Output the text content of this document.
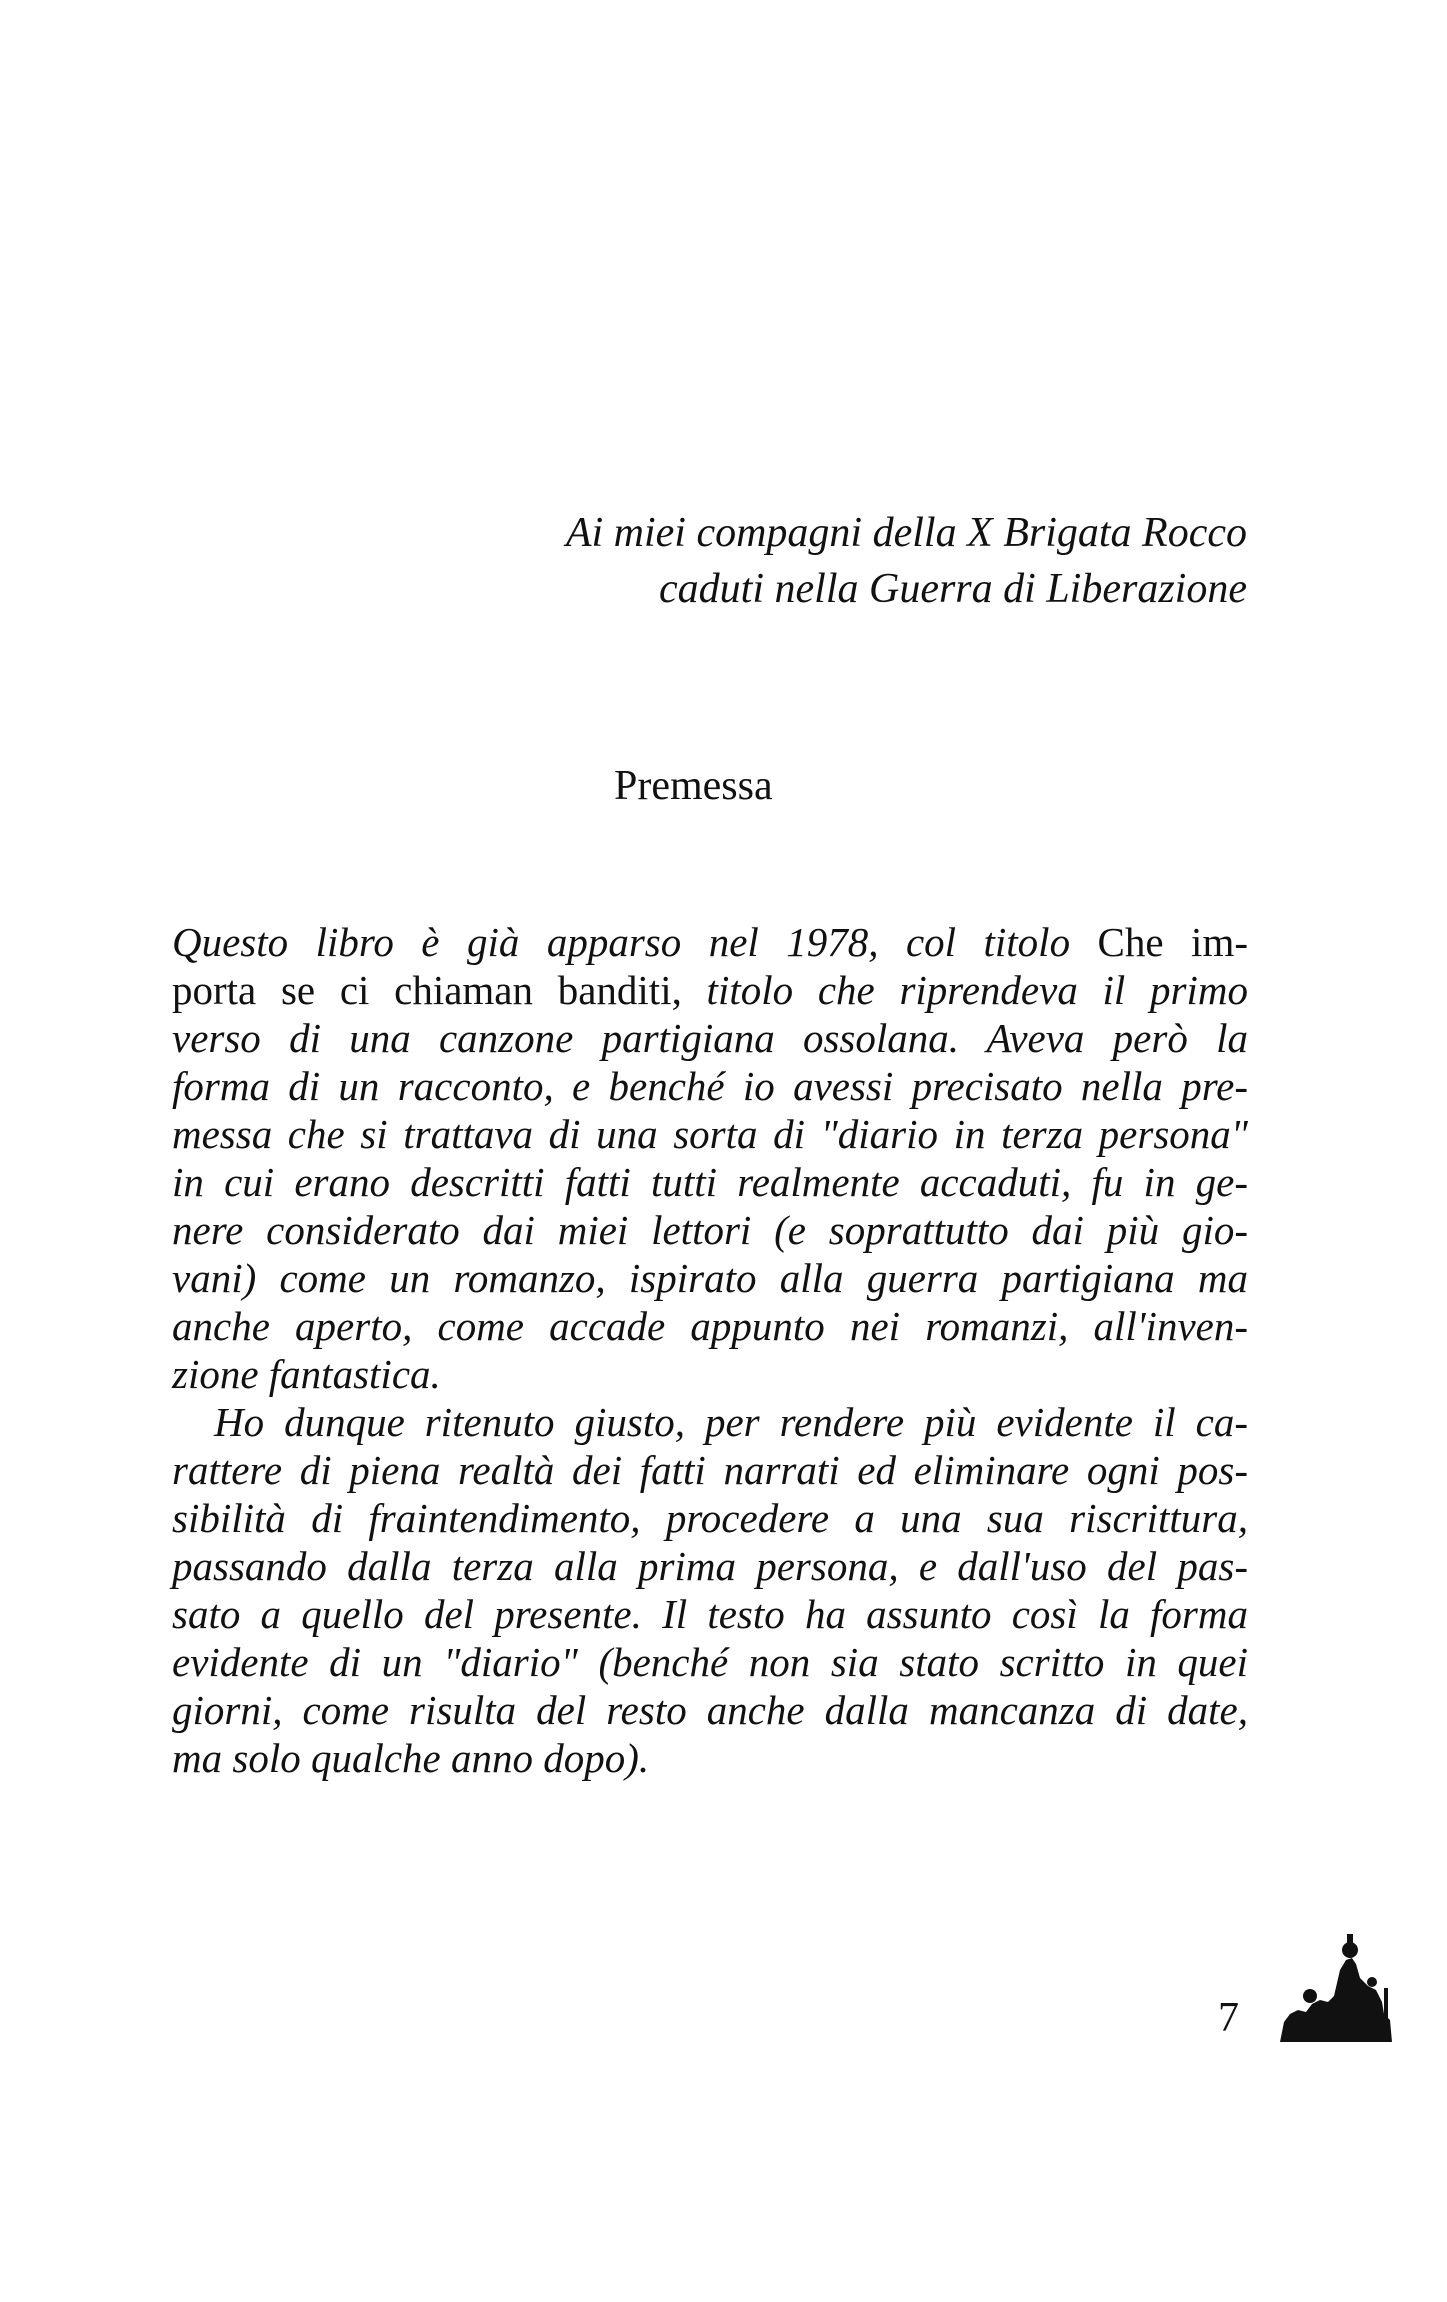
Ai miei compagni della X Brigata Rocco
caduti nella Guerra di Liberazione
Premessa
Questo libro è già apparso nel 1978, col titolo Che im-
porta se ci chiaman banditi, titolo che riprendeva il primo
verso di una canzone partigiana ossolana. Aveva però la
forma di un racconto, e benché io avessi precisato nella pre-
messa che si trattava di una sorta di "diario in terza persona"
in cui erano descritti fatti tutti realmente accaduti, fu in ge-
nere considerato dai miei lettori (e soprattutto dai più gio-
vani) come un romanzo, ispirato alla guerra partigiana ma
anche aperto, come accade appunto nei romanzi, all'inven-
zione fantastica.
Ho dunque ritenuto giusto, per rendere più evidente il ca-
rattere di piena realtà dei fatti narrati ed eliminare ogni pos-
sibilità di fraintendimento, procedere a una sua riscrittura,
passando dalla terza alla prima persona, e dall'uso del pas-
sato a quello del presente. Il testo ha assunto così la forma
evidente di un "diario" (benché non sia stato scritto in quei
giorni, come risulta del resto anche dalla mancanza di date,
ma solo qualche anno dopo).
7
